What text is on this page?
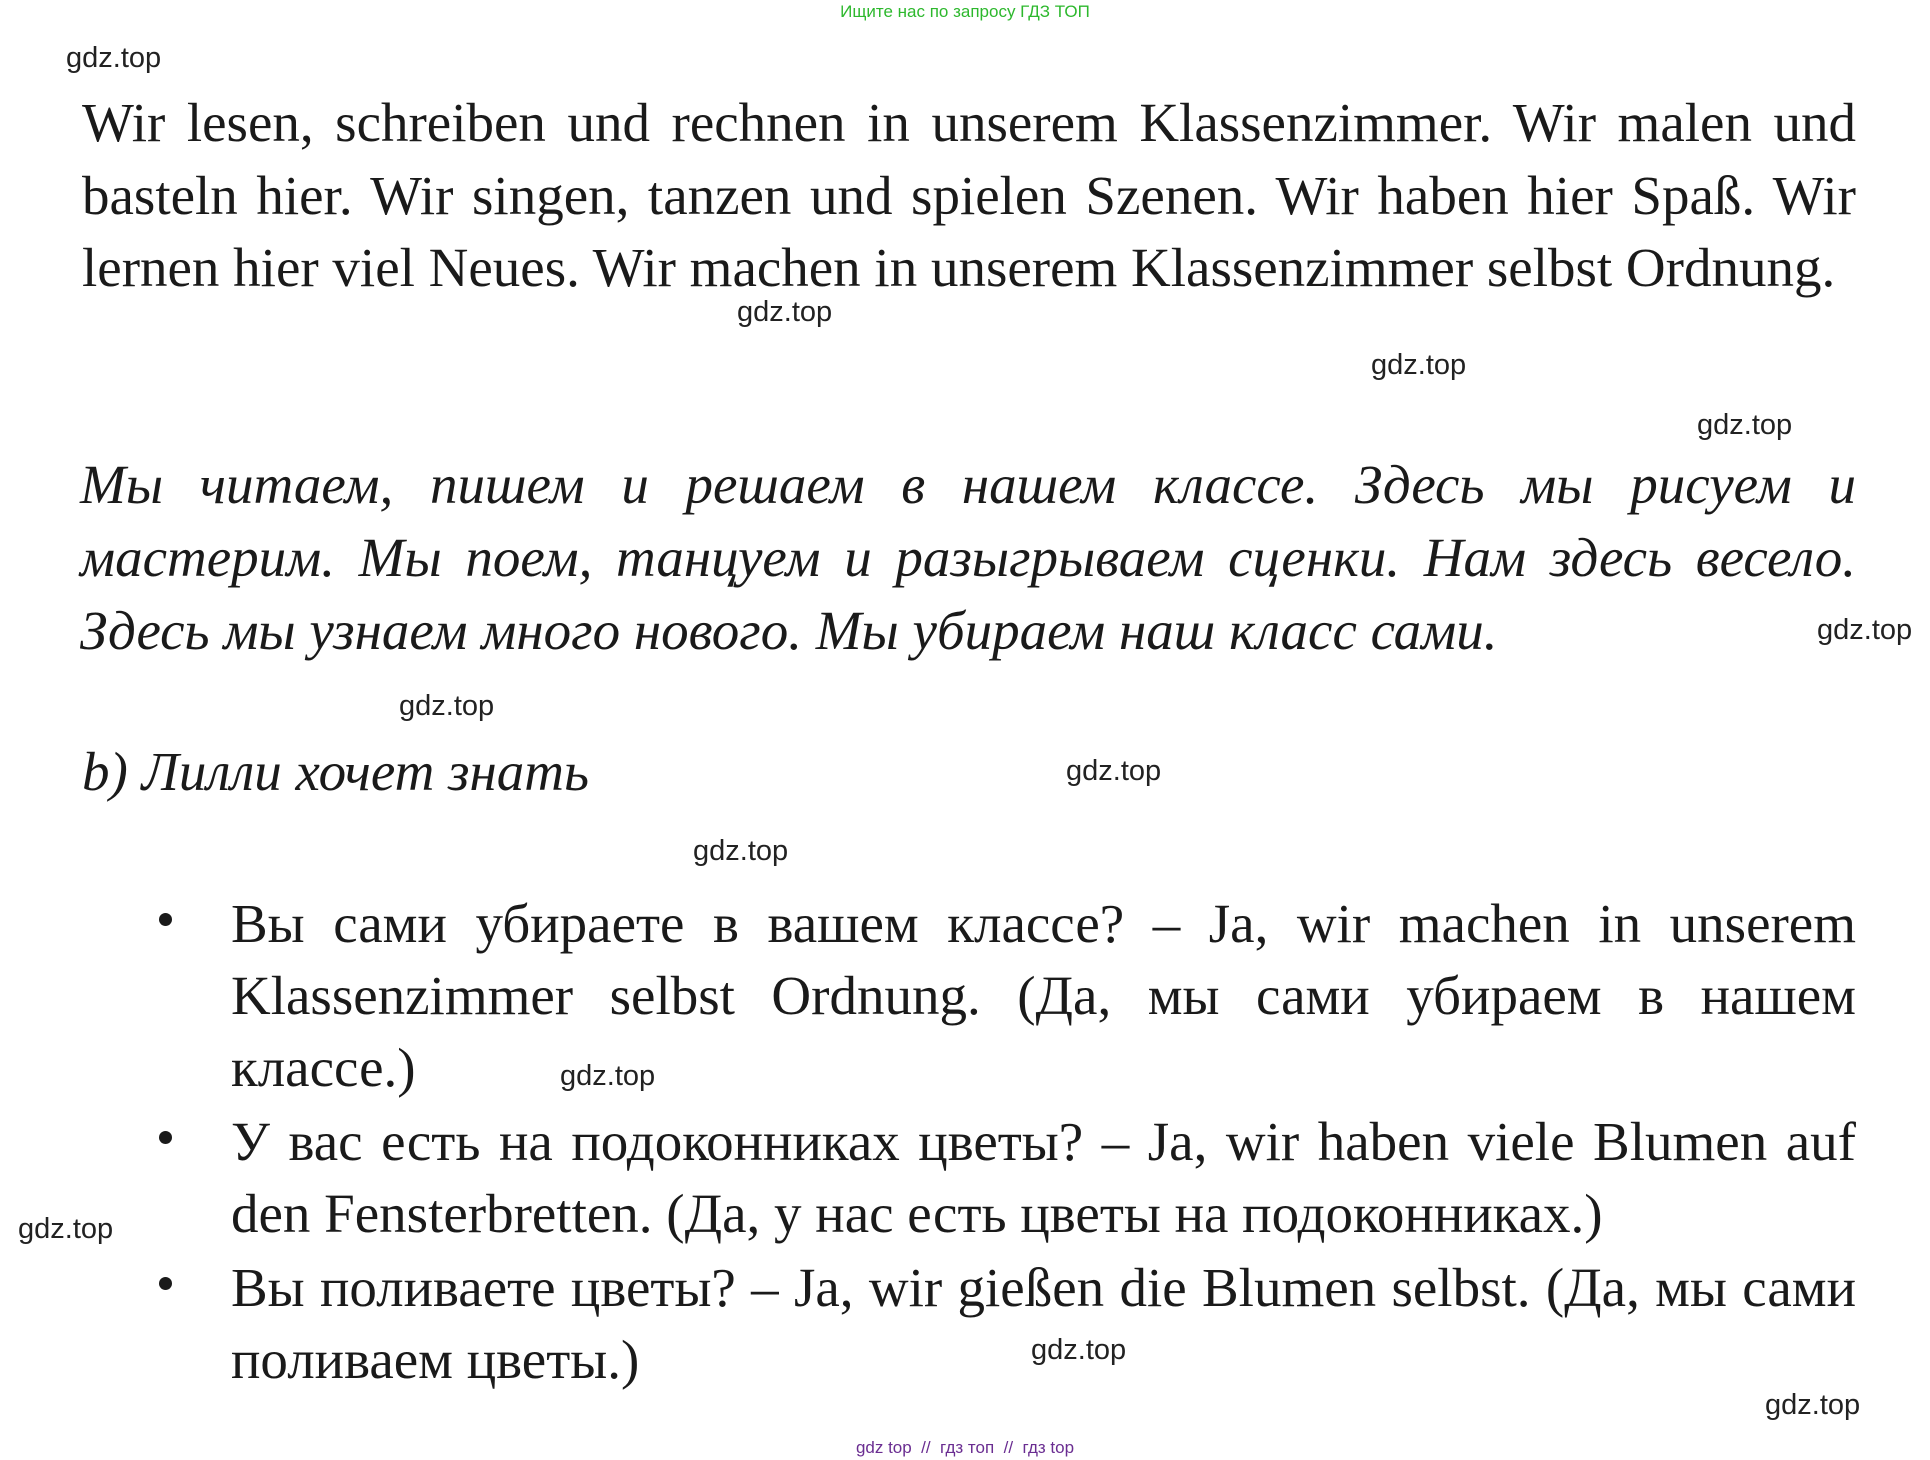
Ищите нас по запросу ГДЗ ТОП

Wir lesen, schreiben und rechnen in unserem Klassenzimmer. Wir malen und basteln hier. Wir singen, tanzen und spielen Szenen. Wir haben hier Spaß. Wir lernen hier viel Neues. Wir machen in unserem Klassenzimmer selbst Ordnung.

Мы читаем, пишем и решаем в нашем классе. Здесь мы рисуем и мастерим. Мы поем, танцуем и разыгрываем сценки. Нам здесь весело. Здесь мы узнаем много нового. Мы убираем наш класс сами.

b) Лилли хочет знать

Вы сами убираете в вашем классе? – Ja, wir machen in unserem Klassenzimmer selbst Ordnung. (Да, мы сами убираем в нашем классе.)
У вас есть на подоконниках цветы? – Ja, wir haben viele Blumen auf den Fensterbretten. (Да, у нас есть цветы на подоконниках.)
Вы поливаете цветы? – Ja, wir gießen die Blumen selbst. (Да, мы сами поливаем цветы.)
gdz.top
gdz.top
gdz.top
gdz.top
gdz.top
gdz.top
gdz.top
gdz.top
gdz.top
gdz.top
gdz.top
gdz.top
gdz top  //  гдз топ  //  гдз top
